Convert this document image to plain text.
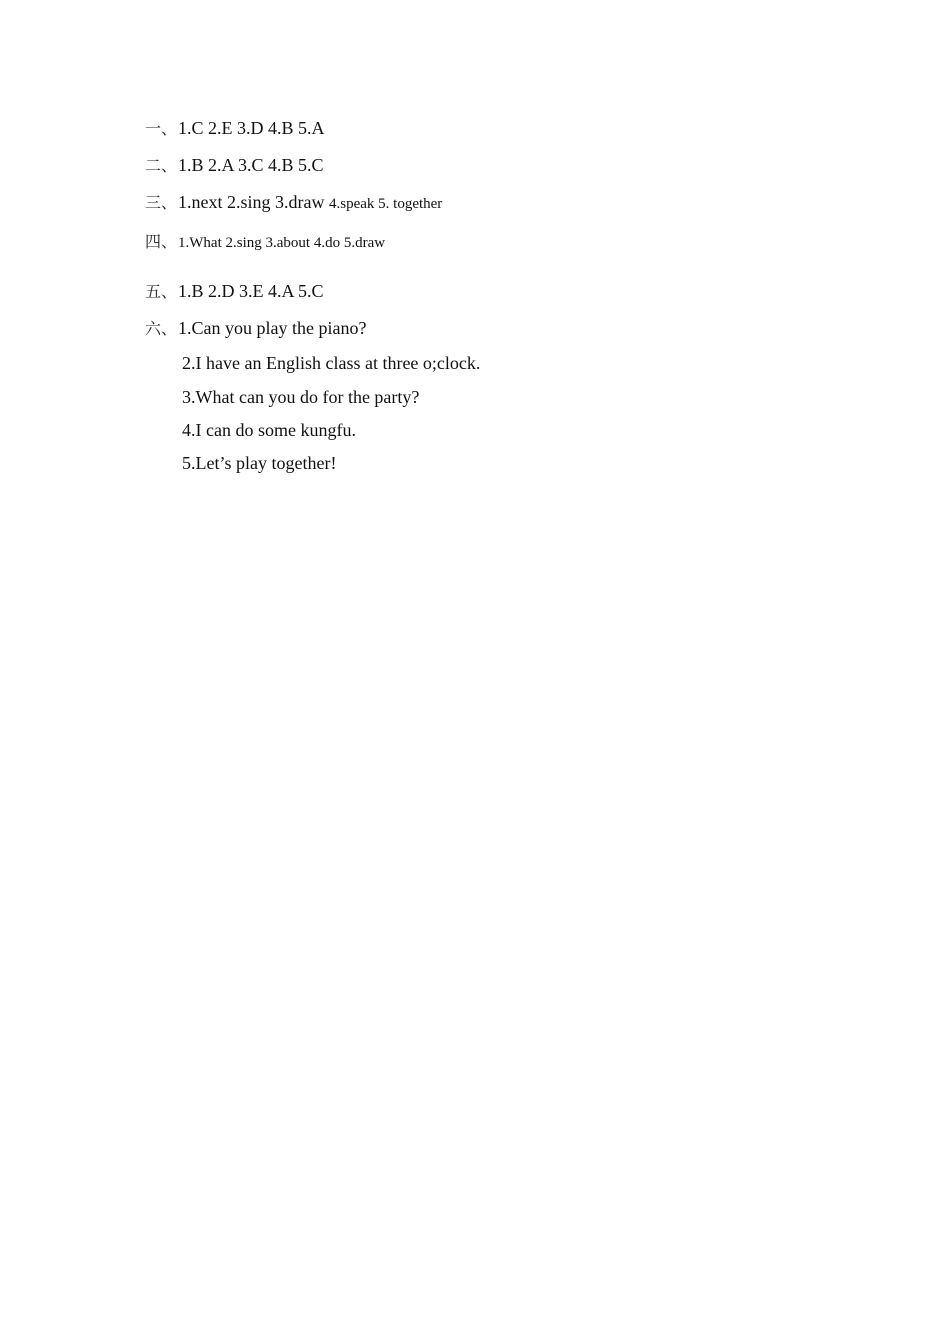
一、1.C 2.E 3.D 4.B 5.A
二、1.B 2.A 3.C 4.B 5.C
三、1.next 2.sing 3.draw 4.speak 5. together
四、1.What 2.sing 3.about 4.do 5.draw
五、1.B 2.D 3.E 4.A 5.C
六、1.Can you play the piano?
2.I have an English class at three o;clock.
3.What can you do for the party?
4.I can do some kungfu.
5.Let’s play together!
